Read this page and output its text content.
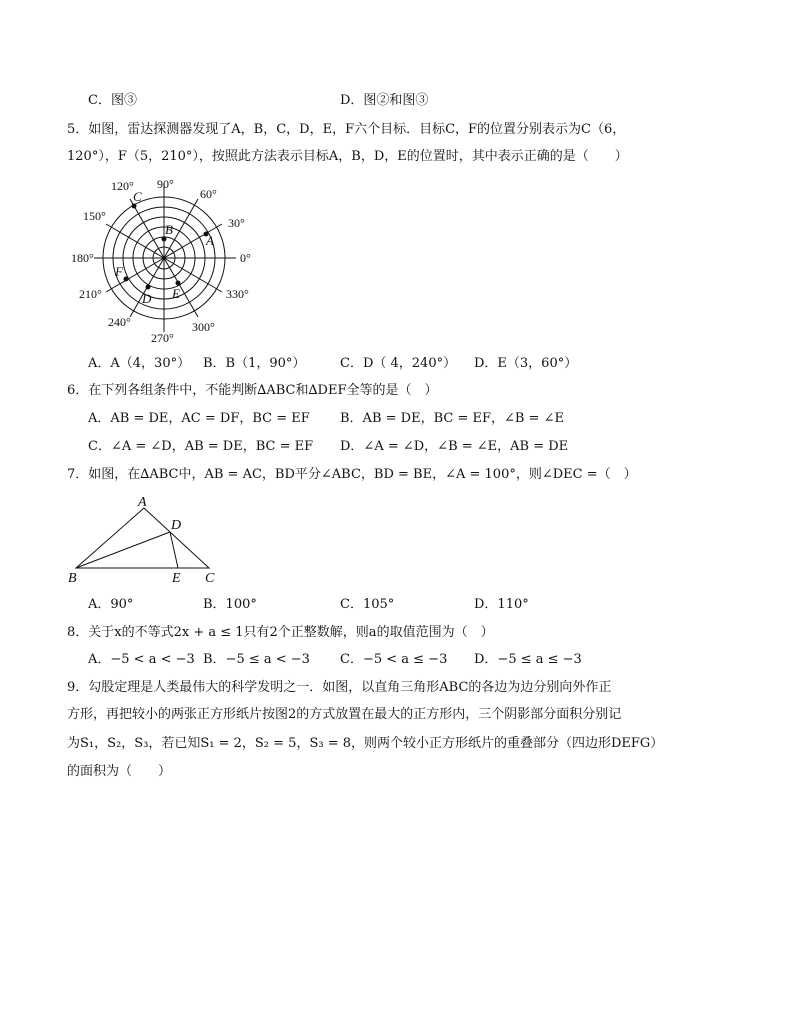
C．图③	D．图②和图③
5．如图，雷达探测器发现了A，B，C，D，E，F六个目标．目标C，F的位置分别表示为C（6，
120°），F（5，210°），按照此方法表示目标A，B，D，E的位置时，其中表示正确的是（　　）
0°
30°
60°
90°
120°
150°
180°
210°
240°
270°
300°
330°
A
B
C
D E
F
A．A（4，30°） B．B（1，90°）	C．D（ 4，240°） D．E（3，60°）
6．在下列各组条件中，不能判断∆ABC和∆DEF全等的是（　）
A．AB = DE，AC = DF，BC = EF B．AB = DE，BC = EF，∠B = ∠E
C．∠A = ∠D，AB = DE，BC = EF D．∠A = ∠D，∠B = ∠E，AB = DE
7．如图，在∆ABC中，AB = AC，BD平分∠ABC，BD = BE，∠A = 100°，则∠DEC =（　）
A
B	C
D
E
A．90°	B．100°	C．105°	D．110°
8．关于x的不等式2x + a ≤ 1只有2个正整数解，则a的取值范围为（　）
A．−5 < a < −3 B．−5 ≤ a < −3 C．−5 < a ≤ −3 D．−5 ≤ a ≤ −3
9．勾股定理是人类最伟大的科学发明之一．如图，以直角三角形ABC的各边为边分别向外作正
方形，再把较小的两张正方形纸片按图2的方式放置在最大的正方形内，三个阴影部分面积分别记
为S₁，S₂，S₃，若已知S₁ = 2，S₂ = 5，S₃ = 8，则两个较小正方形纸片的重叠部分（四边形DEFG）
的面积为（　　）
